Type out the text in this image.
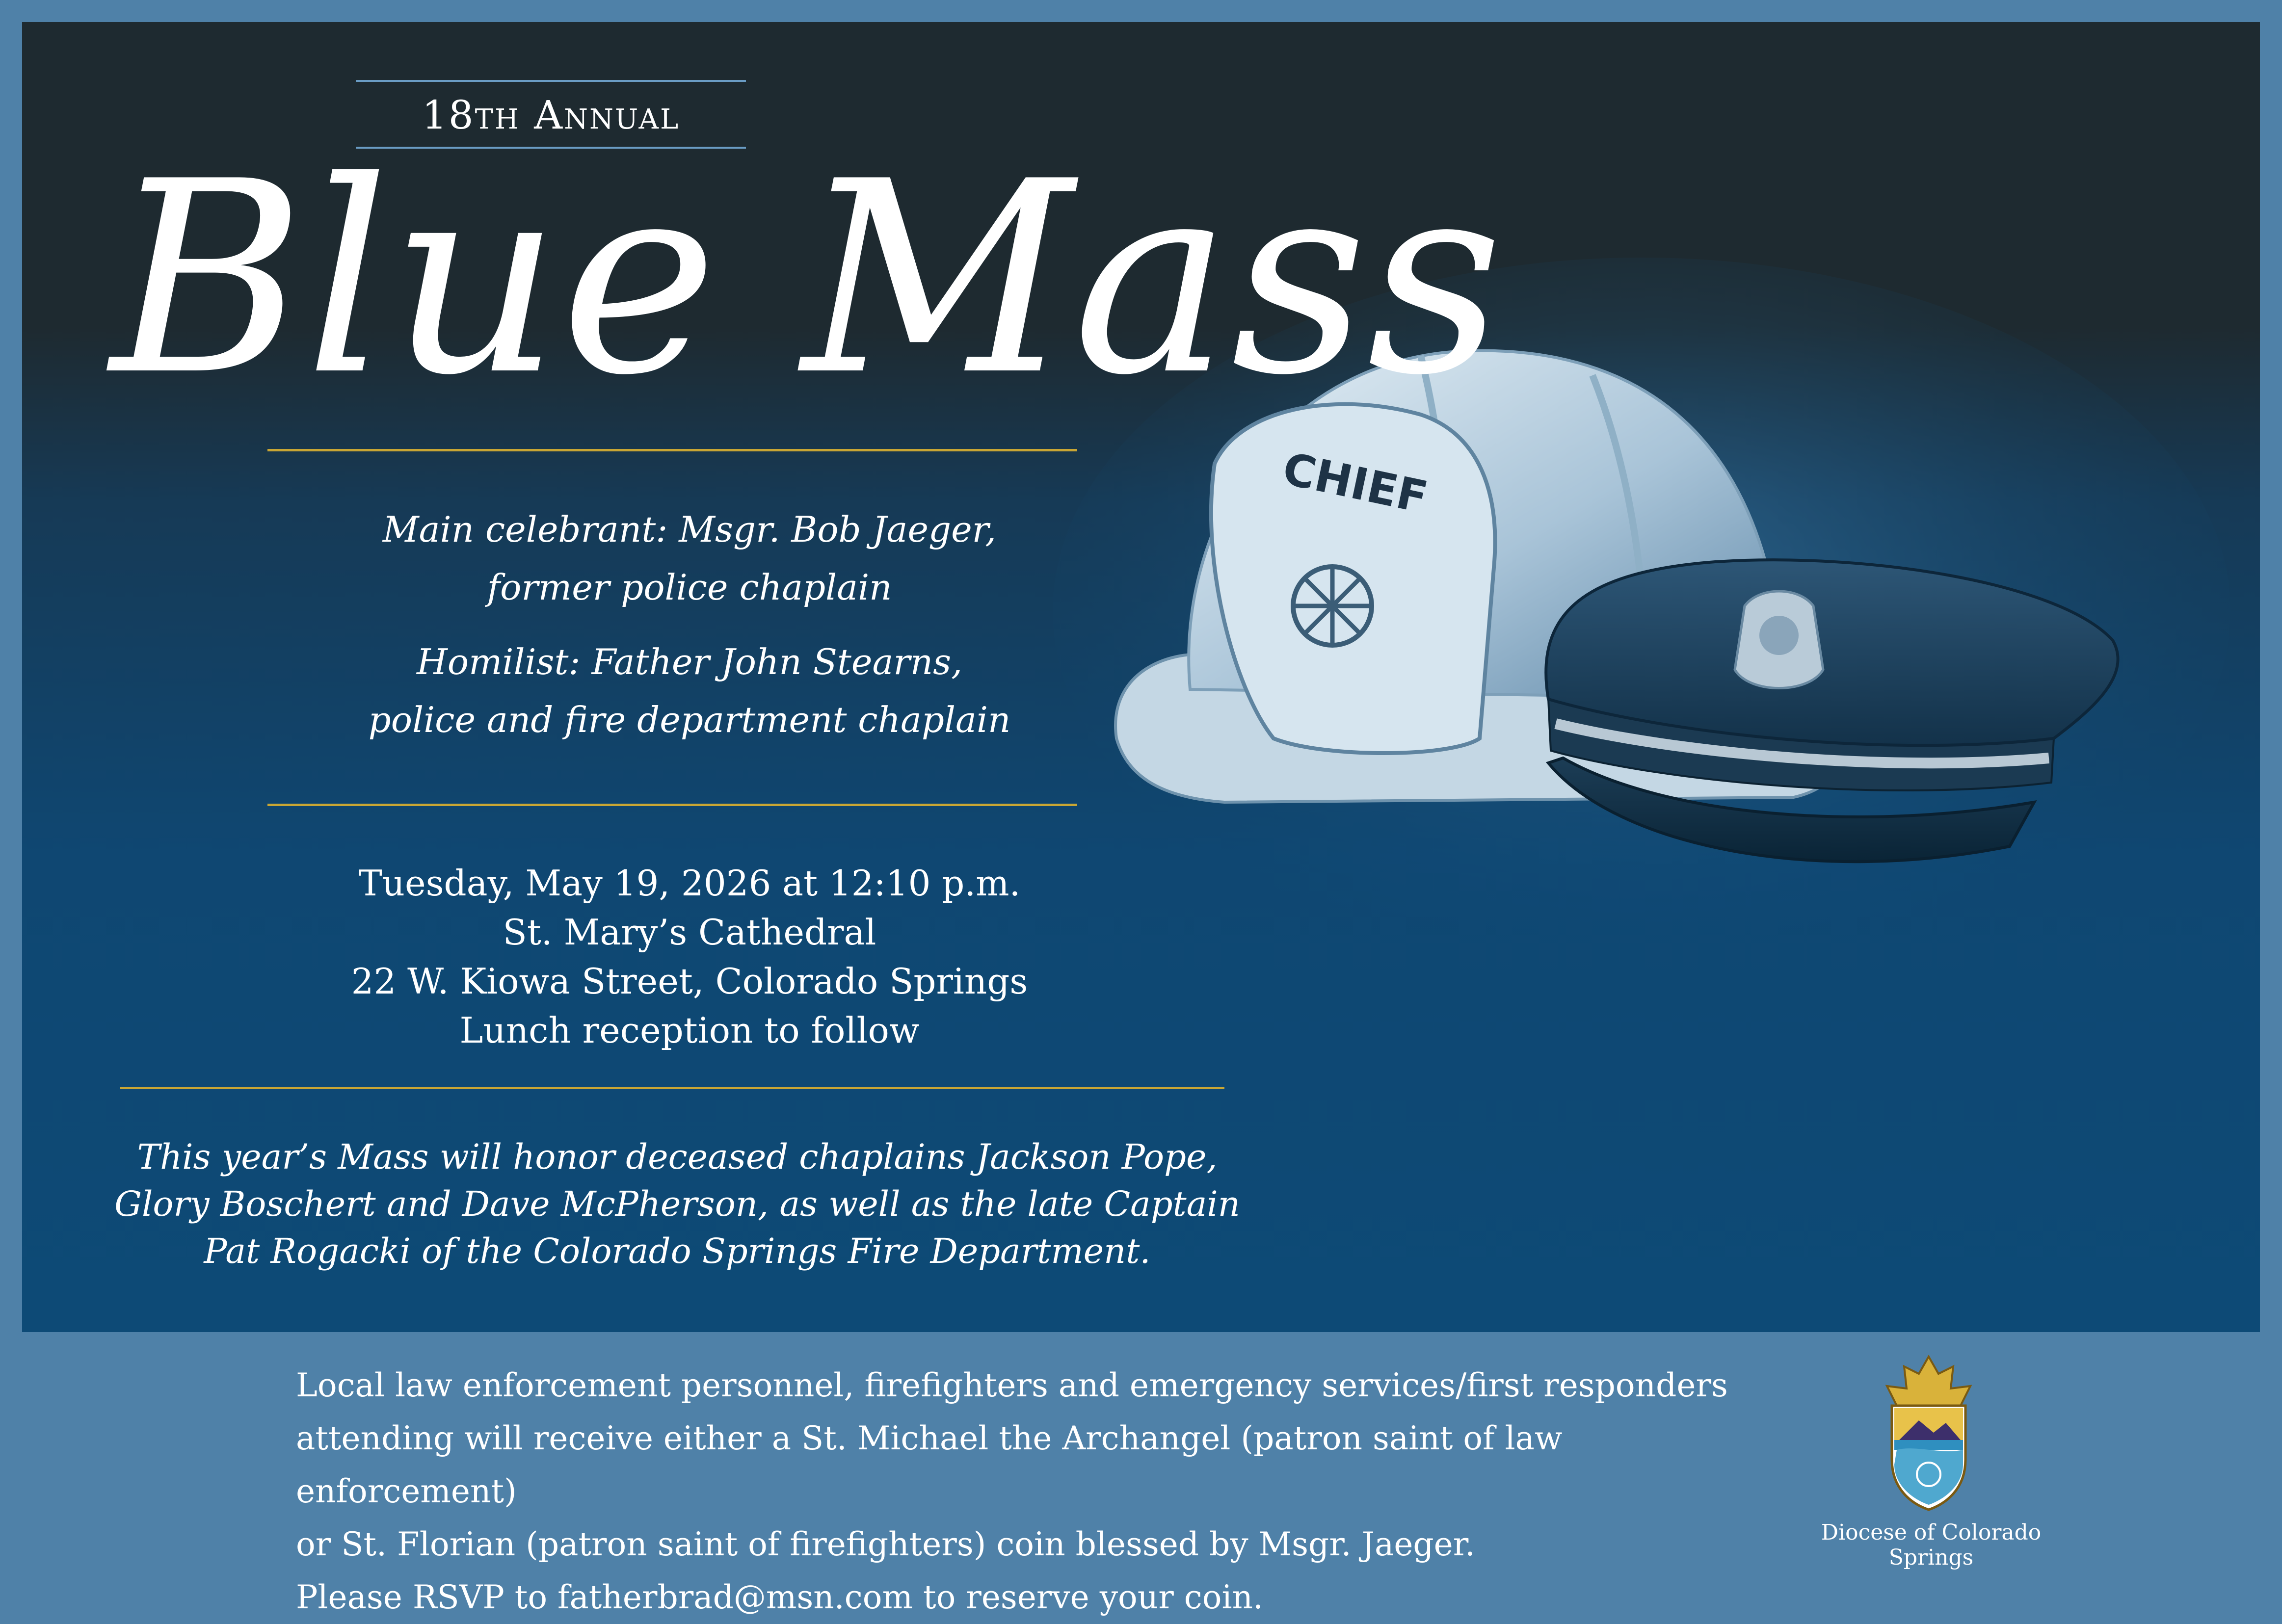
CHIEF
18th Annual
Blue Mass
Main celebrant: Msgr. Bob Jaeger,
former police chaplain
Homilist: Father John Stearns,
police and fire department chaplain
Tuesday, May 19, 2026 at 12:10 p.m.
St. Mary’s Cathedral
22 W. Kiowa Street, Colorado Springs
Lunch reception to follow
This year’s Mass will honor deceased chaplains Jackson Pope,
Glory Boschert and Dave McPherson, as well as the late Captain
Pat Rogacki of the Colorado Springs Fire Department.
Local law enforcement personnel, firefighters and emergency services/first responders
attending will receive either a St. Michael the Archangel (patron saint of law enforcement)
or St. Florian (patron saint of firefighters) coin blessed by Msgr. Jaeger.
Please RSVP to fatherbrad@msn.com to reserve your coin.
Diocese of Colorado Springs
